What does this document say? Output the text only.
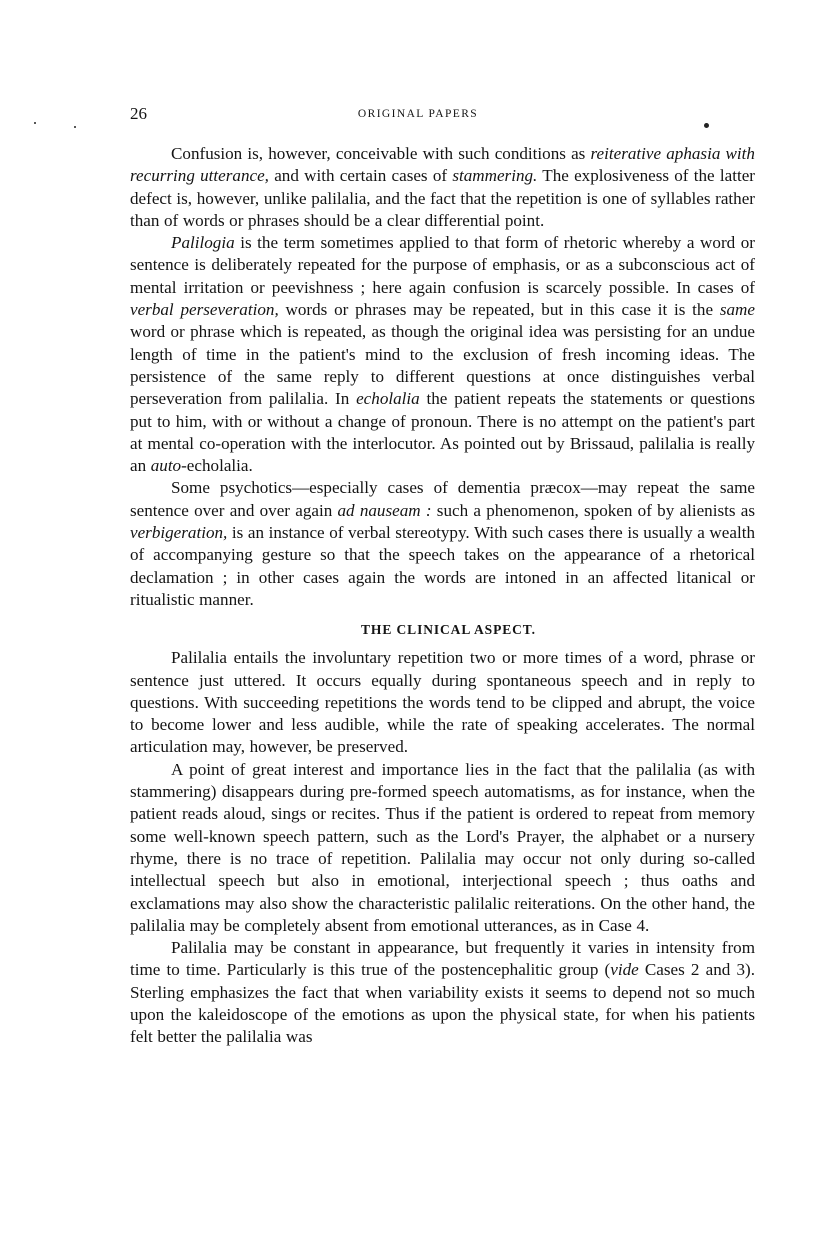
26	ORIGINAL PAPERS

Confusion is, however, conceivable with such conditions as reiterative aphasia with recurring utterance, and with certain cases of stammering. The explosiveness of the latter defect is, however, unlike palilalia, and the fact that the repetition is one of syllables rather than of words or phrases should be a clear differential point.

Palilogia is the term sometimes applied to that form of rhetoric whereby a word or sentence is deliberately repeated for the purpose of emphasis, or as a subconscious act of mental irritation or peevishness ; here again confusion is scarcely possible. In cases of verbal perseveration, words or phrases may be repeated, but in this case it is the same word or phrase which is repeated, as though the original idea was persisting for an undue length of time in the patient's mind to the exclusion of fresh incoming ideas. The persistence of the same reply to different questions at once distinguishes verbal perseveration from palilalia. In echolalia the patient repeats the statements or questions put to him, with or without a change of pronoun. There is no attempt on the patient's part at mental co-operation with the interlocutor. As pointed out by Brissaud, palilalia is really an auto-echolalia.

Some psychotics—especially cases of dementia præcox—may repeat the same sentence over and over again ad nauseam : such a phenomenon, spoken of by alienists as verbigeration, is an instance of verbal stereotypy. With such cases there is usually a wealth of accompanying gesture so that the speech takes on the appearance of a rhetorical declamation ; in other cases again the words are intoned in an affected litanical or ritualistic manner.

THE CLINICAL ASPECT.

Palilalia entails the involuntary repetition two or more times of a word, phrase or sentence just uttered. It occurs equally during spontaneous speech and in reply to questions. With succeeding repetitions the words tend to be clipped and abrupt, the voice to become lower and less audible, while the rate of speaking accelerates. The normal articulation may, however, be preserved.

A point of great interest and importance lies in the fact that the palilalia (as with stammering) disappears during pre-formed speech automatisms, as for instance, when the patient reads aloud, sings or recites. Thus if the patient is ordered to repeat from memory some well-known speech pattern, such as the Lord's Prayer, the alphabet or a nursery rhyme, there is no trace of repetition. Palilalia may occur not only during so-called intellectual speech but also in emotional, interjectional speech ; thus oaths and exclamations may also show the characteristic palilalic reiterations. On the other hand, the palilalia may be completely absent from emotional utterances, as in Case 4.

Palilalia may be constant in appearance, but frequently it varies in intensity from time to time. Particularly is this true of the postencephalitic group (vide Cases 2 and 3). Sterling emphasizes the fact that when variability exists it seems to depend not so much upon the kaleidoscope of the emotions as upon the physical state, for when his patients felt better the palilalia was
